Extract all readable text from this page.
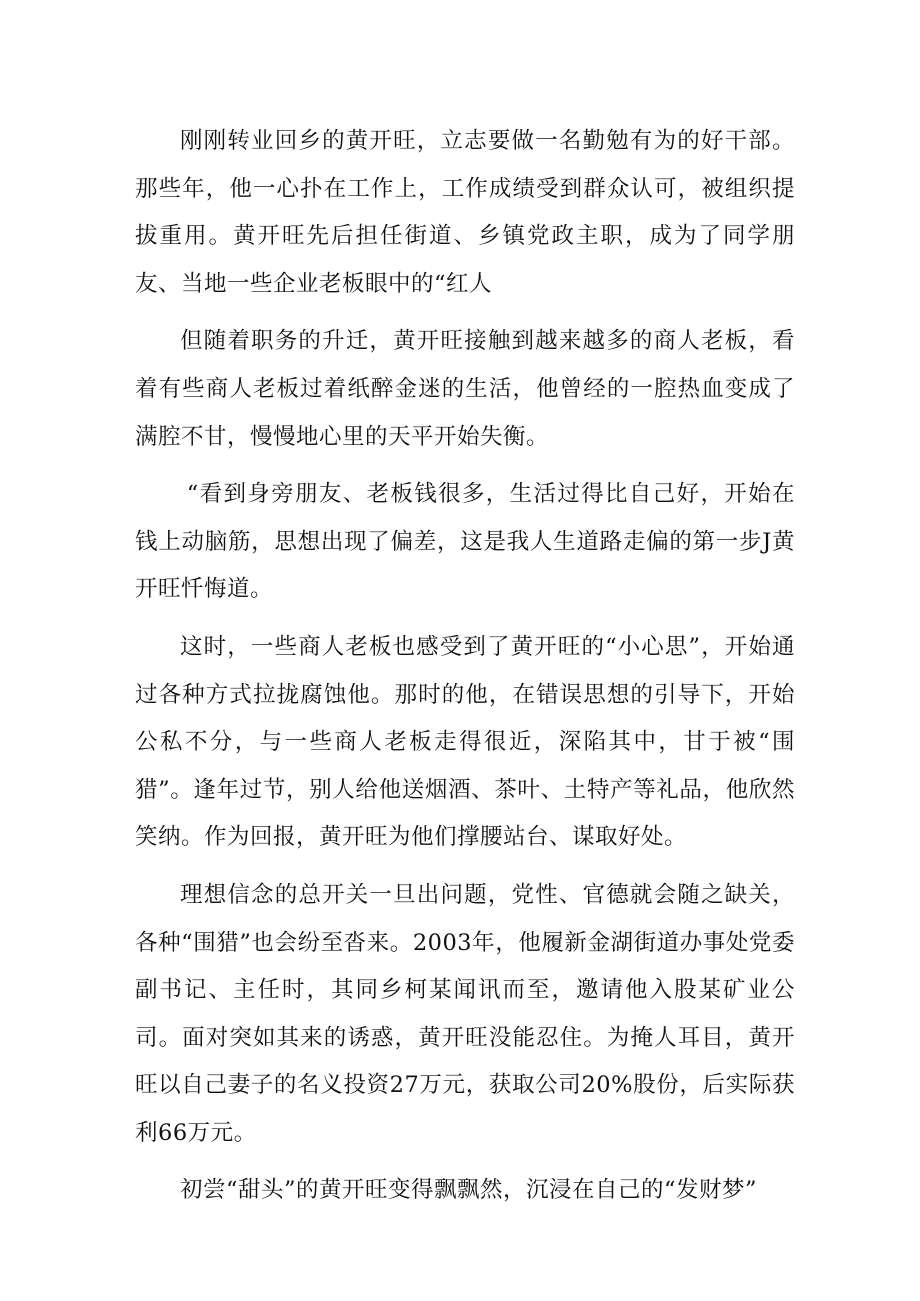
刚刚转业回乡的黄开旺，立志要做一名勤勉有为的好干部。那些年，他一心扑在工作上，工作成绩受到群众认可，被组织提拔重用。黄开旺先后担任街道、乡镇党政主职，成为了同学朋友、当地一些企业老板眼中的“红人

但随着职务的升迁，黄开旺接触到越来越多的商人老板，看着有些商人老板过着纸醉金迷的生活，他曾经的一腔热血变成了满腔不甘，慢慢地心里的天平开始失衡。

“看到身旁朋友、老板钱很多，生活过得比自己好，开始在钱上动脑筋，思想出现了偏差，这是我人生道路走偏的第一步J黄开旺忏悔道。

这时，一些商人老板也感受到了黄开旺的“小心思”，开始通过各种方式拉拢腐蚀他。那时的他，在错误思想的引导下，开始公私不分，与一些商人老板走得很近，深陷其中，甘于被“围猎”。逢年过节，别人给他送烟酒、茶叶、土特产等礼品，他欣然笑纳。作为回报，黄开旺为他们撑腰站台、谋取好处。

理想信念的总开关一旦出问题，党性、官德就会随之缺关，各种“围猎”也会纷至沓来。2003年，他履新金湖街道办事处党委副书记、主任时，其同乡柯某闻讯而至，邀请他入股某矿业公司。面对突如其来的诱惑，黄开旺没能忍住。为掩人耳目，黄开旺以自己妻子的名义投资27万元，获取公司20%股份，后实际获利66万元。

初尝“甜头”的黄开旺变得飘飘然，沉浸在自己的“发财梦”
